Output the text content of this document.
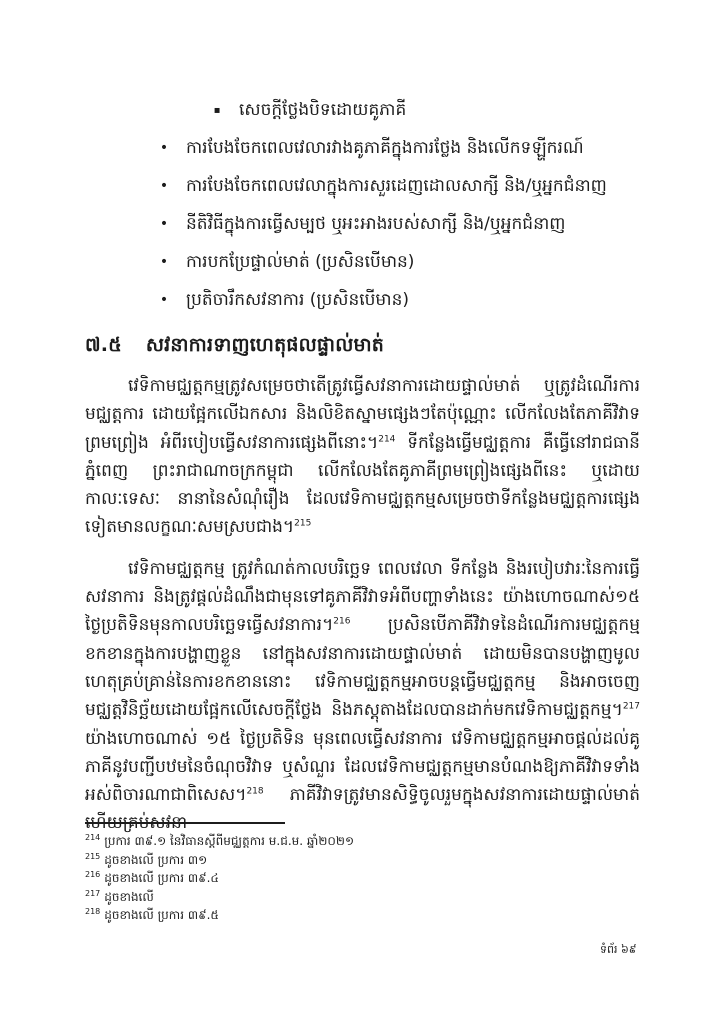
▪ សេចក្តីថ្លែងបិទដោយគូភាគី
• ការបែងចែកពេលវេលារវាងគូភាគីក្នុងការថ្លែង និងលើកទឡ្ហីករណ៍
• ការបែងចែកពេលវេលាក្នុងការសួរដេញដោលសាក្សី និង/ឬអ្នកជំនាញ
• នីតិវិធីក្នុងការធ្វើសម្បថ ឬអះអាងរបស់សាក្សី និង/ឬអ្នកជំនាញ
• ការបកប្រែផ្ទាល់មាត់ (ប្រសិនបើមាន)
• ប្រតិចារឹកសវនាការ (ប្រសិនបើមាន)
៧.៥ សវនាការទាញហេតុផលផ្ទាល់មាត់

វេទិកាមជ្ឈត្តកម្មត្រូវសម្រេចថាតើត្រូវធ្វើសវនាការដោយផ្ទាល់មាត់ ឬត្រូវដំណើរការមជ្ឈត្តការ ដោយផ្អែកលើឯកសារ និងលិខិតស្នាមផ្សេងៗតែប៉ុណ្ណោះ លើកលែងតែភាគីវិវាទព្រមព្រៀង អំពីរបៀបធ្វើសវនាការផ្សេងពីនោះ។$^{214}$ ទីកន្លែងធ្វើមជ្ឈត្តការ គឺធ្វើនៅរាជធានីភ្នំពេញ ព្រះរាជាណាចក្រកម្ពុជា លើកលែងតែគូភាគីព្រមព្រៀងផ្សេងពីនេះ ឬដោយកាលៈទេសៈ នានានៃសំណុំរឿង ដែលវេទិកាមជ្ឈត្តកម្មសម្រេចថាទីកន្លែងមជ្ឈត្តការផ្សេងទៀតមានលក្ខណៈសមស្របជាង។$^{215}$

វេទិកាមជ្ឈត្តកម្ម ត្រូវកំណត់កាលបរិច្ឆេទ ពេលវេលា ទីកន្លែង និងរបៀបវារៈនៃការធ្វើសវនាការ និងត្រូវផ្តល់ដំណឹងជាមុនទៅគូភាគីវិវាទអំពីបញ្ហាទាំងនេះ យ៉ាងហោចណាស់១៥ ថ្ងៃប្រតិទិនមុនកាលបរិច្ឆេទធ្វើសវនាការ។$^{216}$ ប្រសិនបើភាគីវិវាទនៃដំណើរការមជ្ឈត្តកម្មខកខានក្នុងការបង្ហាញខ្លួន នៅក្នុងសវនាការដោយផ្ទាល់មាត់ ដោយមិនបានបង្ហាញមូលហេតុគ្រប់គ្រាន់នៃការខកខាននោះ វេទិកាមជ្ឈត្តកម្មអាចបន្តធ្វើមជ្ឈត្តកម្ម និងអាចចេញមជ្ឈត្តវិនិច្ឆ័យដោយផ្អែកលើសេចក្តីថ្លែង និងភស្តុតាងដែលបានដាក់មកវេទិកាមជ្ឈត្តកម្ម។$^{217}$ យ៉ាងហោចណាស់ ១៥ ថ្ងៃប្រតិទិន មុនពេលធ្វើសវនាការ វេទិកាមជ្ឈត្តកម្មអាចផ្តល់ដល់គូភាគីនូវបញ្ជីបឋមនៃចំណុចវិវាទ ឬសំណួរ ដែលវេទិកាមជ្ឈត្តកម្មមានបំណងឱ្យភាគីវិវាទទាំងអស់ពិចារណាជាពិសេស។$^{218}$ ភាគីវិវាទត្រូវមានសិទ្ធិចូលរួមក្នុងសវនាការដោយផ្ទាល់មាត់ ហើយគ្រប់សវនា

$^{214}$ ប្រការ ៣៩.១ នៃវិធានស្តីពីមជ្ឈត្តការ ម.ជ.ម. ឆ្នាំ២០២១
$^{215}$ ដូចខាងលើ ប្រការ ៣១
$^{216}$ ដូចខាងលើ ប្រការ ៣៩.៤
$^{217}$ ដូចខាងលើ
$^{218}$ ដូចខាងលើ ប្រការ ៣៩.៥
ទំព័រ ៦៩
